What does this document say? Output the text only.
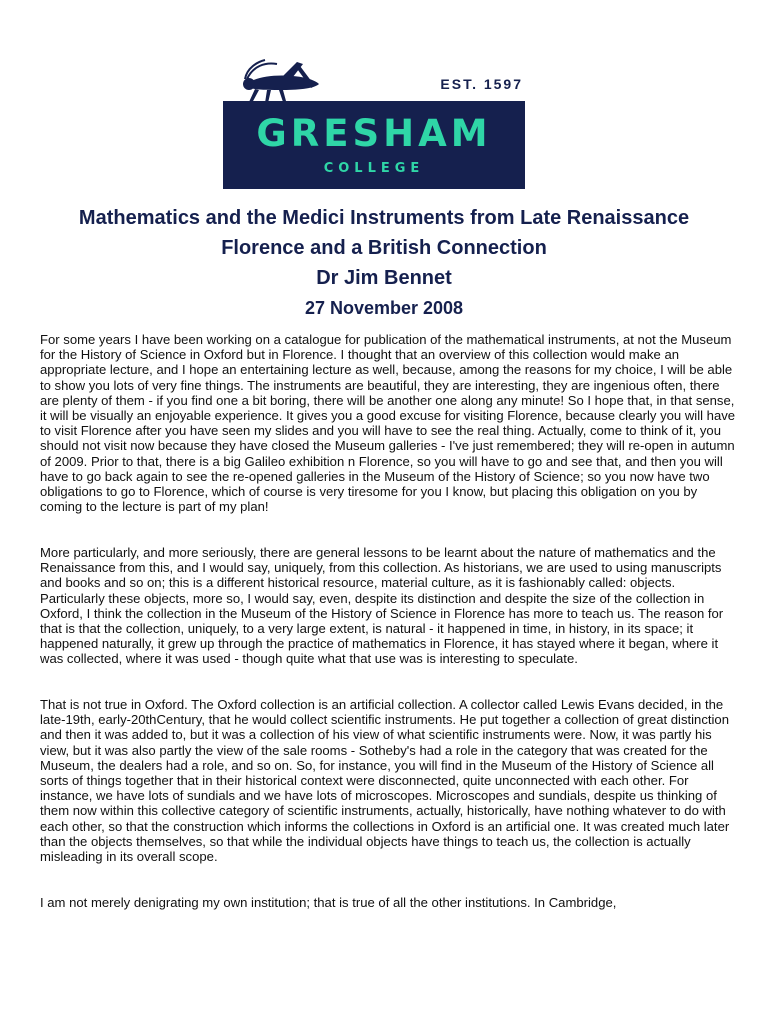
EST. 1597
GRESHAM
COLLEGE
Mathematics and the Medici Instruments from Late Renaissance
Florence and a British Connection
Dr Jim Bennet
27 November 2008

For some years I have been working on a catalogue for publication of the mathematical instruments, at not the Museum for the History of Science in Oxford but in Florence. I thought that an overview of this collection would make an appropriate lecture, and I hope an entertaining lecture as well, because, among the reasons for my choice, I will be able to show you lots of very fine things. The instruments are beautiful, they are interesting, they are ingenious often, there are plenty of them - if you find one a bit boring, there will be another one along any minute! So I hope that, in that sense, it will be visually an enjoyable experience. It gives you a good excuse for visiting Florence, because clearly you will have to visit Florence after you have seen my slides and you will have to see the real thing. Actually, come to think of it, you should not visit now because they have closed the Museum galleries - I've just remembered; they will re-open in autumn of 2009. Prior to that, there is a big Galileo exhibition n Florence, so you will have to go and see that, and then you will have to go back again to see the re-opened galleries in the Museum of the History of Science; so you now have two obligations to go to Florence, which of course is very tiresome for you I know, but placing this obligation on you by coming to the lecture is part of my plan!

More particularly, and more seriously, there are general lessons to be learnt about the nature of mathematics and the Renaissance from this, and I would say, uniquely, from this collection. As historians, we are used to using manuscripts and books and so on; this is a different historical resource, material culture, as it is fashionably called: objects. Particularly these objects, more so, I would say, even, despite its distinction and despite the size of the collection in Oxford, I think the collection in the Museum of the History of Science in Florence has more to teach us. The reason for that is that the collection, uniquely, to a very large extent, is natural - it happened in time, in history, in its space; it happened naturally, it grew up through the practice of mathematics in Florence, it has stayed where it began, where it was collected, where it was used - though quite what that use was is interesting to speculate.

That is not true in Oxford. The Oxford collection is an artificial collection. A collector called Lewis Evans decided, in the late-19th, early-20thCentury, that he would collect scientific instruments. He put together a collection of great distinction and then it was added to, but it was a collection of his view of what scientific instruments were. Now, it was partly his view, but it was also partly the view of the sale rooms - Sotheby's had a role in the category that was created for the Museum, the dealers had a role, and so on. So, for instance, you will find in the Museum of the History of Science all sorts of things together that in their historical context were disconnected, quite unconnected with each other. For instance, we have lots of sundials and we have lots of microscopes. Microscopes and sundials, despite us thinking of them now within this collective category of scientific instruments, actually, historically, have nothing whatever to do with each other, so that the construction which informs the collections in Oxford is an artificial one. It was created much later than the objects themselves, so that while the individual objects have things to teach us, the collection is actually misleading in its overall scope.

I am not merely denigrating my own institution; that is true of all the other institutions. In Cambridge,
